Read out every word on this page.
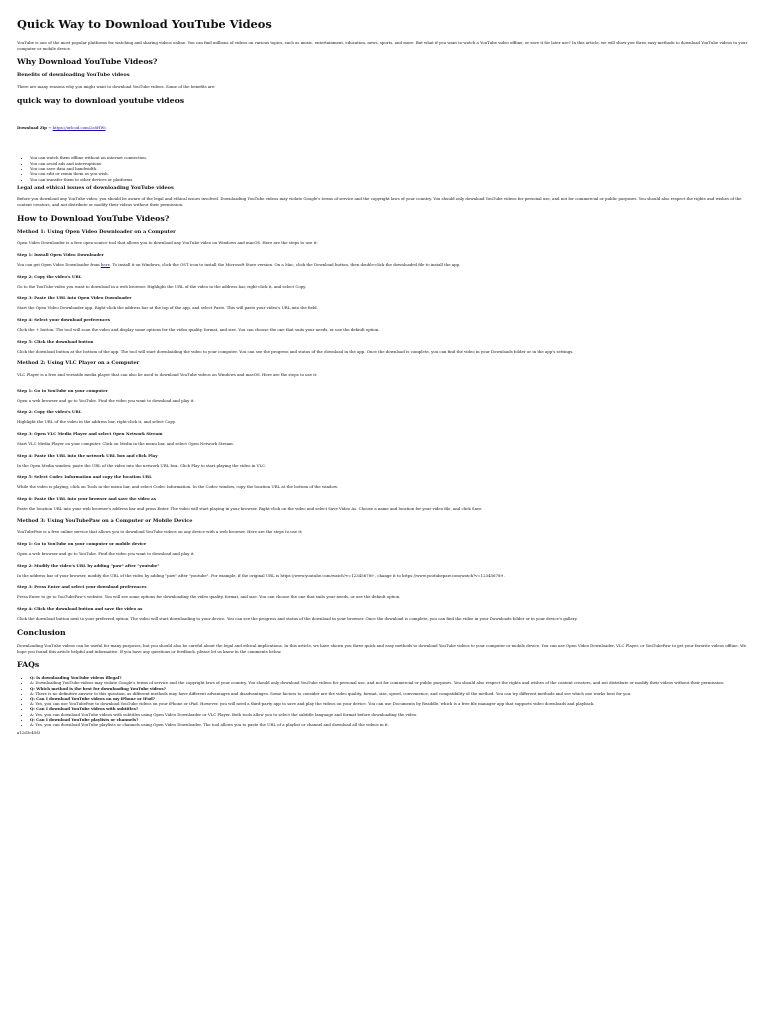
Quick Way to Download YouTube Videos

YouTube is one of the most popular platforms for watching and sharing videos online. You can find millions of videos on various topics, such as music, entertainment, education, news, sports, and more. But what if you want to watch a YouTube video offline, or save it for later use? In this article, we will show you three easy methods to download YouTube videos to your computer or mobile device.

Why Download YouTube Videos?
Benefits of downloading YouTube videos

There are many reasons why you might want to download YouTube videos. Some of the benefits are:

quick way to download youtube videos

Download Zip → https://urlcod.com/2s8HWi

• You can watch them offline without an internet connection.
• You can avoid ads and interruptions.
• You can save data and bandwidth.
• You can edit or remix them as you wish.
• You can transfer them to other devices or platforms.
Legal and ethical issues of downloading YouTube videos

Before you download any YouTube video, you should be aware of the legal and ethical issues involved. Downloading YouTube videos may violate Google's terms of service and the copyright laws of your country. You should only download YouTube videos for personal use, and not for commercial or public purposes. You should also respect the rights and wishes of the content creators, and not distribute or modify their videos without their permission.

How to Download YouTube Videos?
Method 1: Using Open Video Downloader on a Computer

Open Video Downloader is a free open source tool that allows you to download any YouTube video on Windows and macOS. Here are the steps to use it:

Step 1: Install Open Video Downloader

You can get Open Video Downloader from here. To install it on Windows, click the OST icon to install the Microsoft Store version. On a Mac, click the Download button, then double-click the downloaded file to install the app.

Step 2: Copy the video's URL

Go to the YouTube video you want to download in a web browser. Highlight the URL of the video in the address bar, right-click it, and select Copy.

Step 3: Paste the URL into Open Video Downloader

Start the Open Video Downloader app. Right-click the address bar at the top of the app, and select Paste. This will paste your video's URL into the field.

Step 4: Select your download preferences

Click the + button. The tool will scan the video and display some options for the video quality, format, and size. You can choose the one that suits your needs, or use the default option.

Step 5: Click the download button

Click the download button at the bottom of the app. The tool will start downloading the video to your computer. You can see the progress and status of the download in the app. Once the download is complete, you can find the video in your Downloads folder or in the app's settings.

Method 2: Using VLC Player on a Computer

VLC Player is a free and versatile media player that can also be used to download YouTube videos on Windows and macOS. Here are the steps to use it:

Step 1: Go to YouTube on your computer

Open a web browser and go to YouTube. Find the video you want to download and play it.

Step 2: Copy the video's URL

Highlight the URL of the video in the address bar, right-click it, and select Copy.

Step 3: Open VLC Media Player and select Open Network Stream

Start VLC Media Player on your computer. Click on Media in the menu bar, and select Open Network Stream.

Step 4: Paste the URL into the network URL box and click Play

In the Open Media window, paste the URL of the video into the network URL box. Click Play to start playing the video in VLC.

Step 5: Select Codec Information and copy the location URL

While the video is playing, click on Tools in the menu bar, and select Codec Information. In the Codec window, copy the location URL at the bottom of the window.

Step 6: Paste the URL into your browser and save the video as

Paste the location URL into your web browser's address bar and press Enter. The video will start playing in your browser. Right-click on the video and select Save Video As. Choose a name and location for your video file, and click Save.

Method 3: Using YouTubePaw on a Computer or Mobile Device

YouTubePaw is a free online service that allows you to download YouTube videos on any device with a web browser. Here are the steps to use it:

Step 1: Go to YouTube on your computer or mobile device

Open a web browser and go to YouTube. Find the video you want to download and play it.

Step 2: Modify the video's URL by adding "paw" after "youtube"

In the address bar of your browser, modify the URL of the video by adding "paw" after "youtube". For example, if the original URL is https://www.youtube.com/watch?v=123456789 , change it to https://www.youtubepaw.com/watch?v=123456789 .

Step 3: Press Enter and select your download preferences

Press Enter to go to YouTubePaw's website. You will see some options for downloading the video quality, format, and size. You can choose the one that suits your needs, or use the default option.

Step 4: Click the download button and save the video as

Click the download button next to your preferred option. The video will start downloading to your device. You can see the progress and status of the download in your browser. Once the download is complete, you can find the video in your Downloads folder or in your device's gallery.

Conclusion

Downloading YouTube videos can be useful for many purposes, but you should also be careful about the legal and ethical implications. In this article, we have shown you three quick and easy methods to download YouTube videos to your computer or mobile device. You can use Open Video Downloader, VLC Player, or YouTubePaw to get your favorite videos offline. We hope you found this article helpful and informative. If you have any questions or feedback, please let us know in the comments below.

FAQs
• Q: Is downloading YouTube videos illegal?
• A: Downloading YouTube videos may violate Google's terms of service and the copyright laws of your country. You should only download YouTube videos for personal use, and not for commercial or public purposes. You should also respect the rights and wishes of the content creators, and not distribute or modify their videos without their permission.
• Q: Which method is the best for downloading YouTube videos?
• A: There is no definitive answer to this question, as different methods may have different advantages and disadvantages. Some factors to consider are the video quality, format, size, speed, convenience, and compatibility of the method. You can try different methods and see which one works best for you.
• Q: Can I download YouTube videos on my iPhone or iPad?
• A: Yes, you can use YouTubePaw to download YouTube videos on your iPhone or iPad. However, you will need a third-party app to save and play the videos on your device. You can use Documents by Readdle, which is a free file manager app that supports video downloads and playback.
• Q: Can I download YouTube videos with subtitles?
• A: Yes, you can download YouTube videos with subtitles using Open Video Downloader or VLC Player. Both tools allow you to select the subtitle language and format before downloading the video.
• Q: Can I download YouTube playlists or channels?
• A: Yes, you can download YouTube playlists or channels using Open Video Downloader. The tool allows you to paste the URL of a playlist or channel and download all the videos in it.

a12d3c45f3
